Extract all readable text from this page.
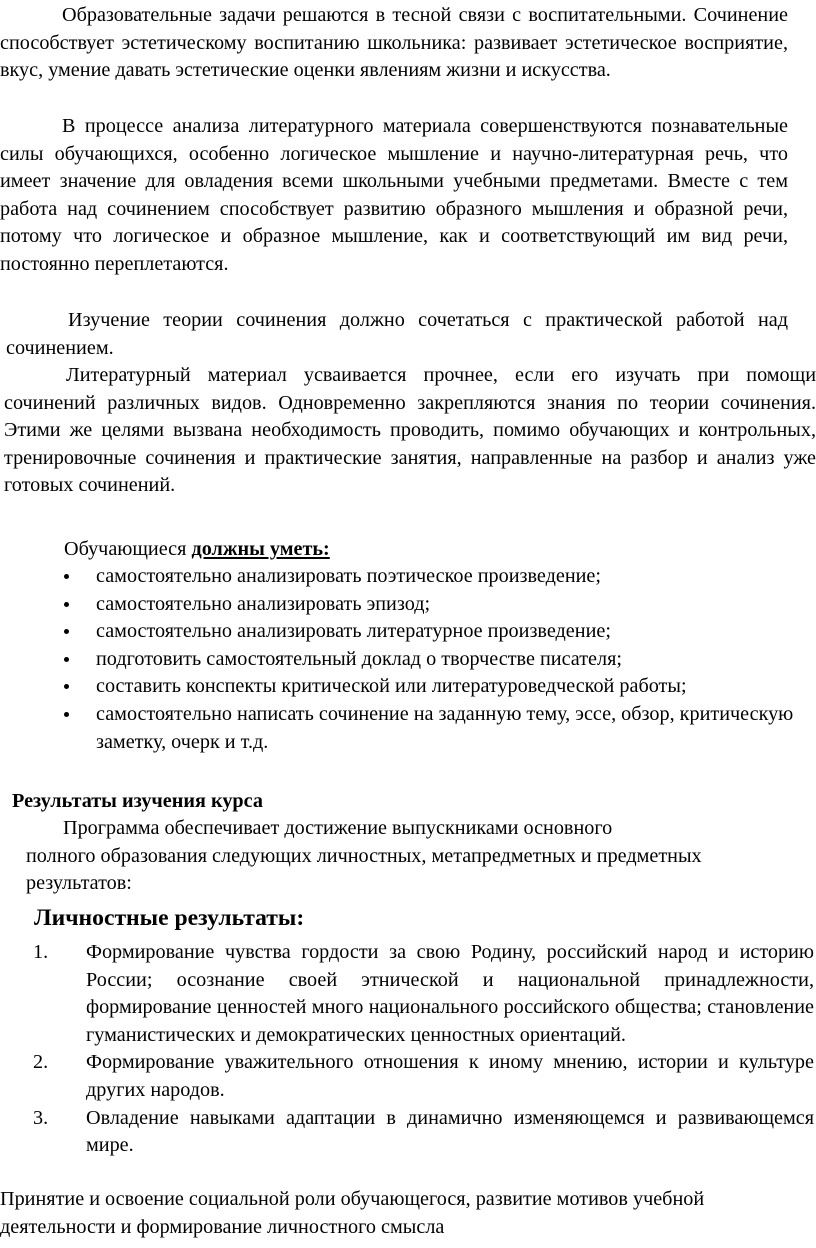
Образовательные задачи решаются в тесной связи с воспитательными. Сочинение способствует эстетическому воспитанию школьника: развивает эстетическое восприятие, вкус, умение давать эстетические оценки явлениям жизни и искусства.

В процессе анализа литературного материала совершенствуются познавательные силы обучающихся, особенно логическое мышление и научно-литературная речь, что имеет значение для овладения всеми школьными учебными предметами. Вместе с тем работа над сочинением способствует развитию образного мышления и образной речи, потому что логическое и образное мышление, как и соответствующий им вид речи, постоянно переплетаются.

Изучение теории сочинения должно сочетаться с практической работой над сочинением.

Литературный материал усваивается прочнее, если его изучать при помощи сочинений различных видов. Одновременно закрепляются знания по теории сочинения. Этими же целями вызвана необходимость проводить, помимо обучающих и контрольных, тренировочные сочинения и практические занятия, направленные на разбор и анализ уже готовых сочинений.

Обучающиеся должны уметь:

самостоятельно анализировать поэтическое произведение;
самостоятельно анализировать эпизод;
самостоятельно анализировать литературное произведение;
подготовить самостоятельный доклад о творчестве писателя;
составить конспекты критической или литературоведческой работы;
самостоятельно написать сочинение на заданную тему, эссе, обзор, критическую заметку, очерк и т.д.
Результаты изучения курса

Программа обеспечивает достижение выпускниками основного
полного образования следующих личностных, метапредметных и предметных результатов:

Личностные результаты:
1. Формирование чувства гордости за свою Родину, российский народ и историю России; осознание своей этнической и национальной принадлежности, формирование ценностей много национального российского общества; становление гуманистических и демократических ценностных ориентаций.
2. Формирование уважительного отношения к иному мнению, истории и культуре других народов.
3. Овладение навыками адаптации в динамично изменяющемся и развивающемся мире.

Принятие и освоение социальной роли обучающегося, развитие мотивов учебной деятельности и формирование личностного смысла
